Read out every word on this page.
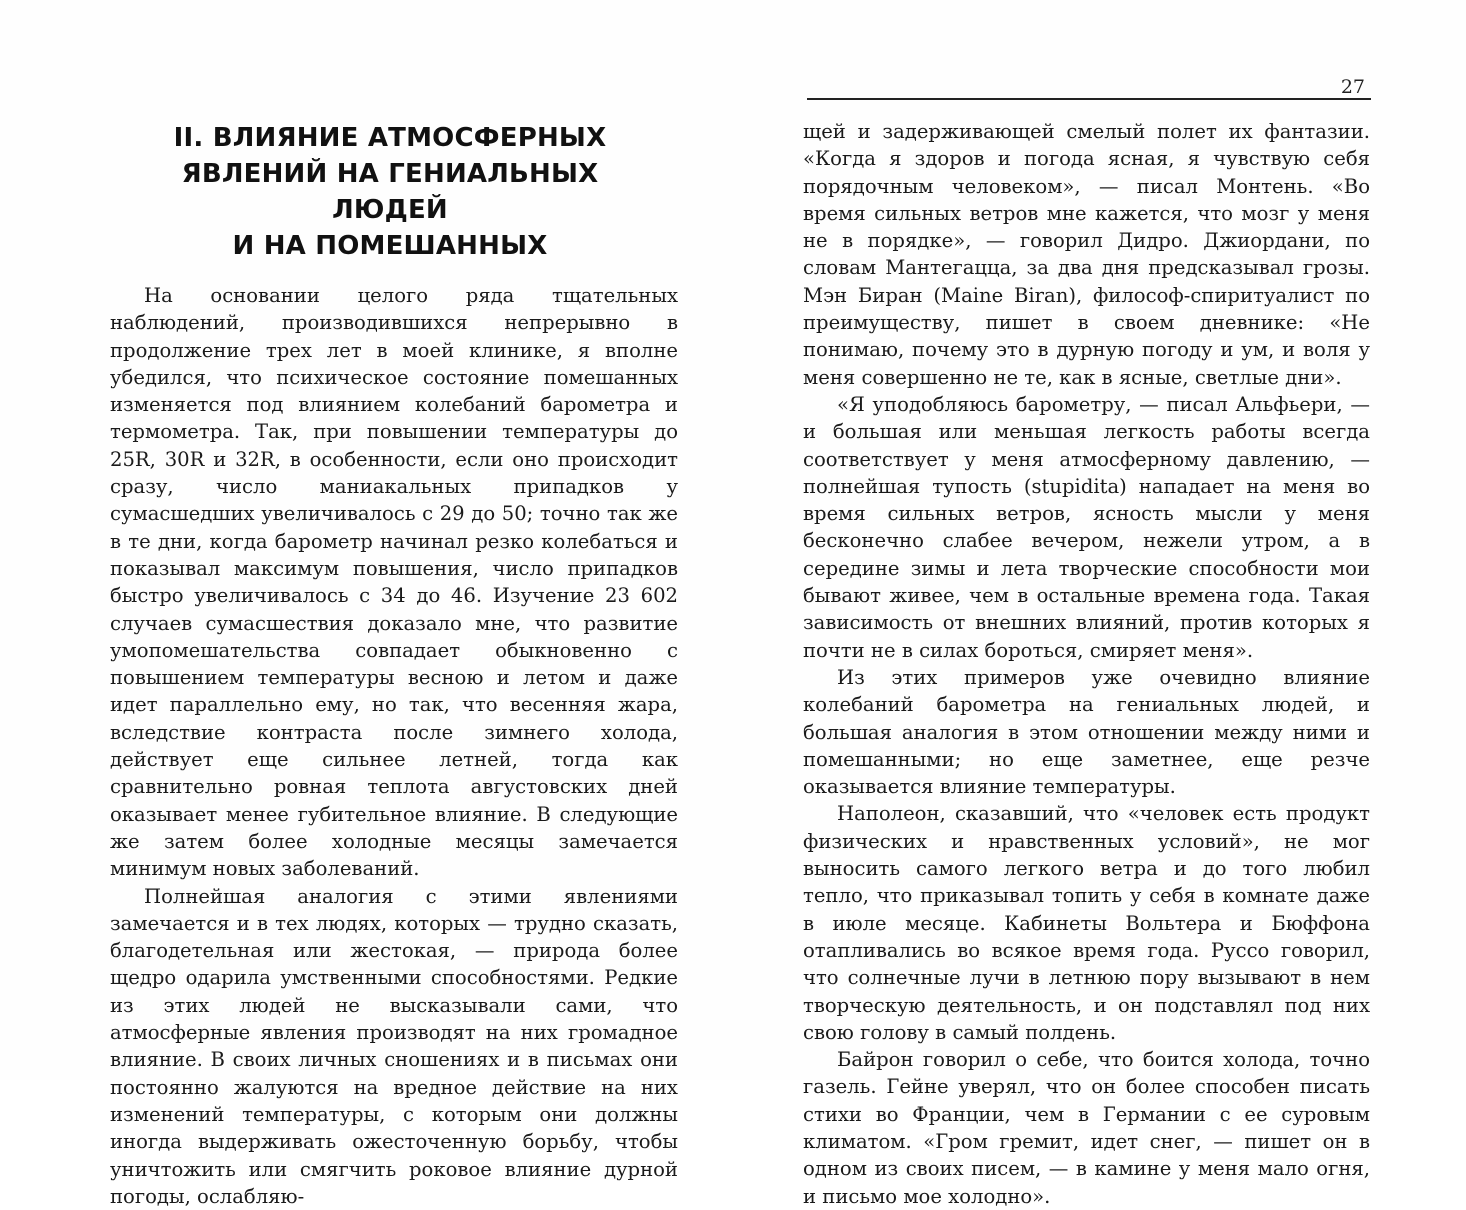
II. ВЛИЯНИЕ АТМОСФЕРНЫХ
ЯВЛЕНИЙ НА ГЕНИАЛЬНЫХ ЛЮДЕЙ
И НА ПОМЕШАННЫХ

На основании целого ряда тщательных наблюдений, производившихся непрерывно в продолжение трех лет в моей клинике, я вполне убедился, что психическое состояние помешанных изменяется под влиянием колебаний барометра и термометра. Так, при повышении температуры до 25R, 30R и 32R, в особенности, если оно происходит сразу, число маниакальных припадков у сумасшедших увеличивалось с 29 до 50; точно так же в те дни, когда барометр начинал резко колебаться и показывал максимум повышения, число припадков быстро увеличивалось с 34 до 46. Изучение 23 602 случаев сумасшествия доказало мне, что развитие умопомешательства совпадает обыкновенно с повышением температуры весною и летом и даже идет параллельно ему, но так, что весенняя жара, вследствие контраста после зимнего холода, действует еще сильнее летней, тогда как сравнительно ровная теплота августовских дней оказывает менее губительное влияние. В следующие же затем более холодные месяцы замечается минимум новых заболеваний.

Полнейшая аналогия с этими явлениями замечается и в тех людях, которых — трудно сказать, благодетельная или жестокая, — природа более щедро одарила умственными способностями. Редкие из этих людей не высказывали сами, что атмосферные явления производят на них громадное влияние. В своих личных сношениях и в письмах они постоянно жалуются на вредное действие на них изменений температуры, с которым они должны иногда выдерживать ожесточенную борьбу, чтобы уничтожить или смягчить роковое влияние дурной погоды, ослабляю-

27

щей и задерживающей смелый полет их фантазии. «Когда я здоров и погода ясная, я чувствую себя порядочным человеком», — писал Монтень. «Во время сильных ветров мне кажется, что мозг у меня не в порядке», — говорил Дидро. Джиордани, по словам Мантегацца, за два дня предсказывал грозы. Мэн Биран (Maine Biran), философ-спиритуалист по преимуществу, пишет в своем дневнике: «Не понимаю, почему это в дурную погоду и ум, и воля у меня совершенно не те, как в ясные, светлые дни».

«Я уподобляюсь барометру, — писал Альфьери, — и большая или меньшая легкость работы всегда соответствует у меня атмосферному давлению, — полнейшая тупость (stupidita) нападает на меня во время сильных ветров, ясность мысли у меня бесконечно слабее вечером, нежели утром, а в середине зимы и лета творческие способности мои бывают живее, чем в остальные времена года. Такая зависимость от внешних влияний, против которых я почти не в силах бороться, смиряет меня».

Из этих примеров уже очевидно влияние колебаний барометра на гениальных людей, и большая аналогия в этом отношении между ними и помешанными; но еще заметнее, еще резче оказывается влияние температуры.

Наполеон, сказавший, что «человек есть продукт физических и нравственных условий», не мог выносить самого легкого ветра и до того любил тепло, что приказывал топить у себя в комнате даже в июле месяце. Кабинеты Вольтера и Бюффона отапливались во всякое время года. Руссо говорил, что солнечные лучи в летнюю пору вызывают в нем творческую деятельность, и он подставлял под них свою голову в самый полдень.

Байрон говорил о себе, что боится холода, точно газель. Гейне уверял, что он более способен писать стихи во Франции, чем в Германии с ее суровым климатом. «Гром гремит, идет снег, — пишет он в одном из своих писем, — в камине у меня мало огня, и письмо мое холодно».
